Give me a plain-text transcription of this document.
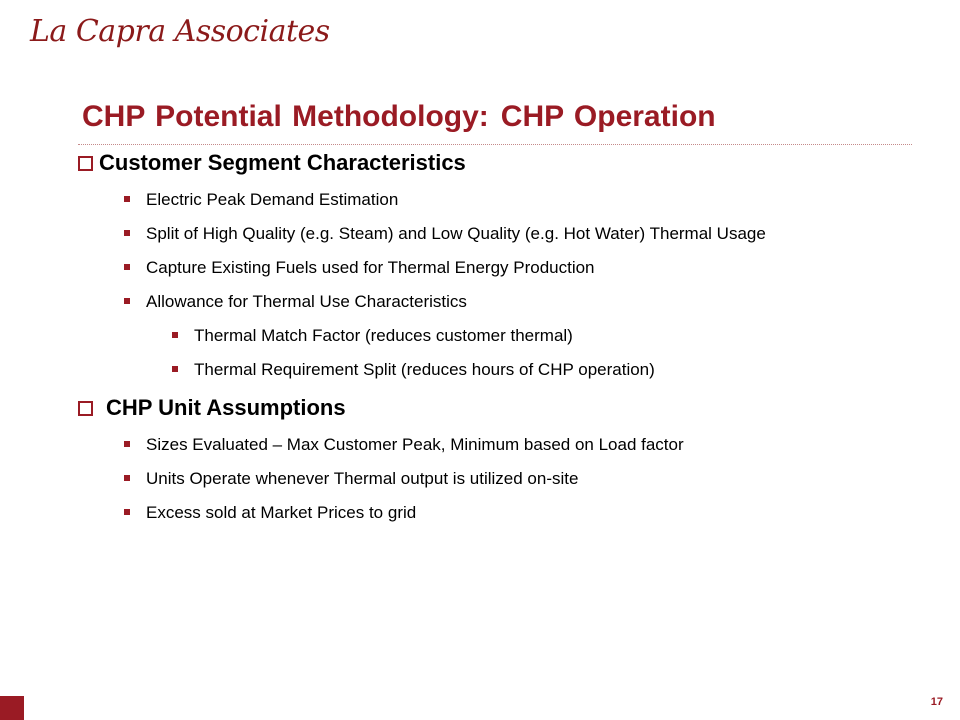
La Capra Associates
CHP Potential Methodology: CHP Operation
Customer Segment Characteristics
Electric Peak Demand Estimation
Split of High Quality (e.g. Steam) and Low Quality (e.g. Hot Water) Thermal Usage
Capture Existing Fuels used for Thermal Energy Production
Allowance for Thermal Use Characteristics
Thermal Match Factor (reduces customer thermal)
Thermal Requirement Split (reduces hours of CHP operation)
CHP Unit Assumptions
Sizes Evaluated – Max Customer Peak, Minimum based on Load factor
Units Operate whenever Thermal output is utilized on-site
Excess sold at Market Prices to grid
17
